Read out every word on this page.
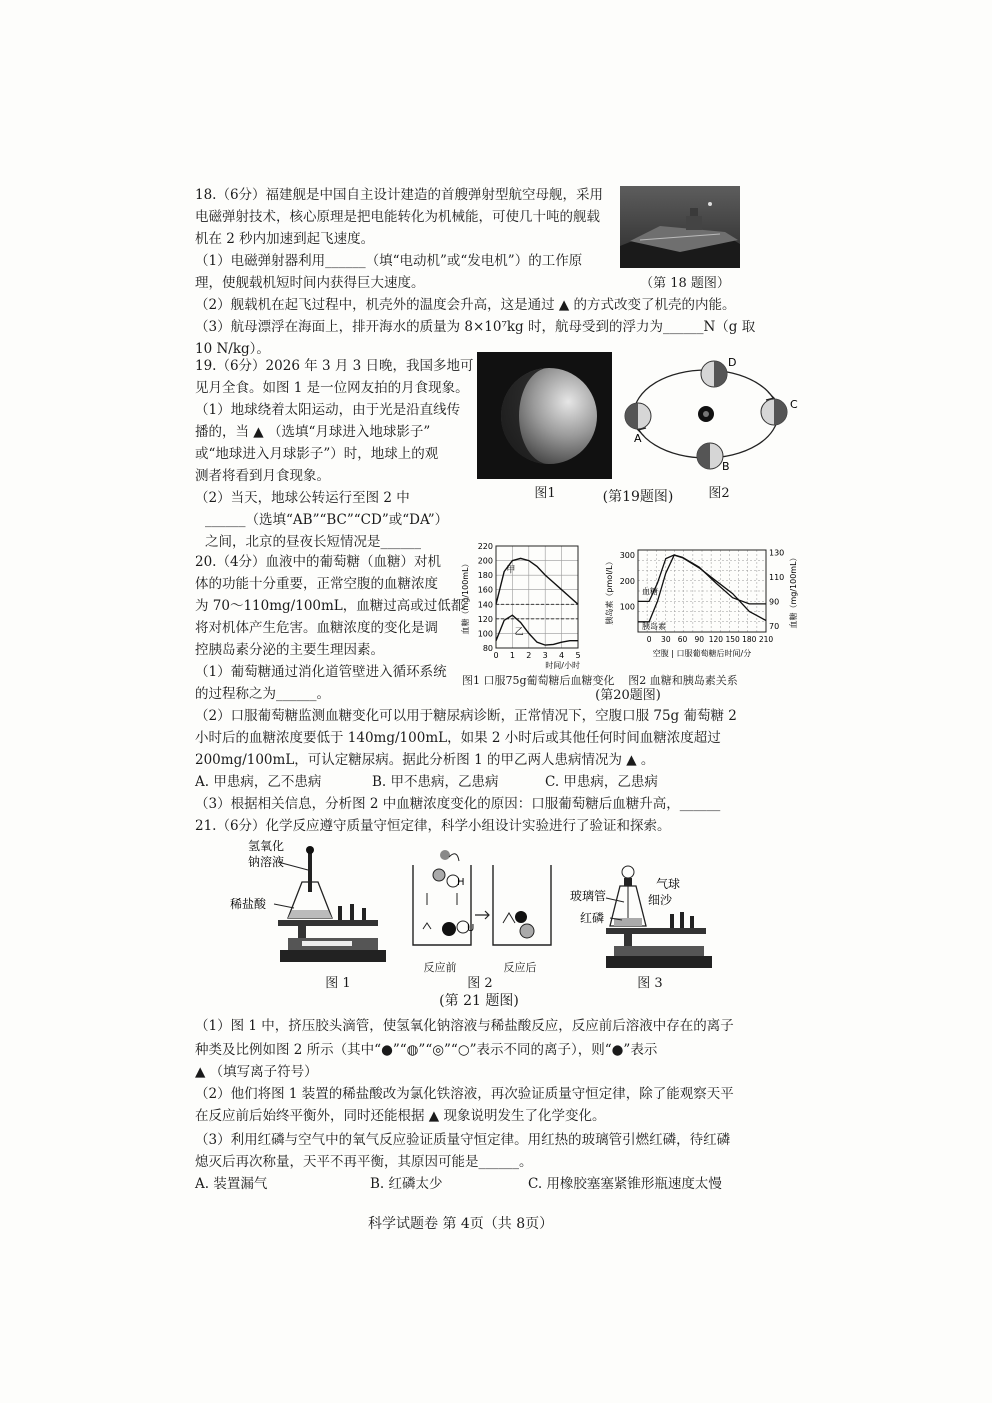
18.（6分）福建舰是中国自主设计建造的首艘弹射型航空母舰，采用
电磁弹射技术，核心原理是把电能转化为机械能，可使几十吨的舰载
机在 2 秒内加速到起飞速度。
（1）电磁弹射器利用______（填“电动机”或“发电机”）的工作原
理，使舰载机短时间内获得巨大速度。
（2）舰载机在起飞过程中，机壳外的温度会升高，这是通过 ▲ 的方式改变了机壳的内能。
（3）航母漂浮在海面上，排开海水的质量为 8×10⁷kg 时，航母受到的浮力为______N（g 取
10 N/kg）。
（第 18 题图）
19.（6分）2026 年 3 月 3 日晚，我国多地可
见月全食。如图 1 是一位网友拍的月食现象。
（1）地球绕着太阳运动，由于光是沿直线传
播的，当 ▲ （选填“月球进入地球影子”
或“地球进入月球影子”）时，地球上的观
测者将看到月食现象。
（2）当天，地球公转运行至图 2 中
______（选填“AB”“BC”“CD”或“DA”）
之间，北京的昼夜长短情况是______
图1	(第19题图)	图2
D
C
B
A
20.（4分）血液中的葡萄糖（血糖）对机
体的功能十分重要，正常空腹的血糖浓度
为 70～110mg/100mL，血糖过高或过低都
将对机体产生危害。血糖浓度的变化是调
控胰岛素分泌的主要生理因素。
（1）葡萄糖通过消化道管壁进入循环系统
的过程称之为______。
（2）口服葡萄糖监测血糖变化可以用于糖尿病诊断，正常情况下，空腹口服 75g 葡萄糖 2
小时后的血糖浓度要低于 140mg/100mL，如果 2 小时后或其他任何时间血糖浓度超过
200mg/100mL，可认定糖尿病。据此分析图 1 的甲乙两人患病情况为 ▲ 。
A. 甲患病，乙不患病	B. 甲不患病，乙患病	C. 甲患病，乙患病
（3）根据相关信息，分析图 2 中血糖浓度变化的原因：口服葡萄糖后血糖升高，______
0 1 2 3 4 5
80
100
120
140
160
180
200
220
甲
乙
时间/小时
血糖（mg/100mL）
图1 口服75g葡萄糖后血糖变化
0 30 60 90 120 150 180 210
100
200
300
70
90
110
130
血糖
胰岛素
空腹 | 口服葡萄糖后时间/分
胰岛素（pmol/L）	血糖（mg/100mL）
图2 血糖和胰岛素关系
(第20题图)
21.（6分）化学反应遵守质量守恒定律，科学小组设计实验进行了验证和探索。
氢氧化
钠溶液
稀盐酸
图 1
H
U
反应前	反应后
图 2
(第 21 题图)
玻璃管
气球
细沙
红磷
图 3
（1）图 1 中，挤压胶头滴管，使氢氧化钠溶液与稀盐酸反应，反应前后溶液中存在的离子
种类及比例如图 2 所示（其中“●”“◍”“◎”“○”表示不同的离子），则“●”表示
▲ （填写离子符号）
（2）他们将图 1 装置的稀盐酸改为氯化铁溶液，再次验证质量守恒定律，除了能观察天平
在反应前后始终平衡外，同时还能根据 ▲ 现象说明发生了化学变化。
（3）利用红磷与空气中的氧气反应验证质量守恒定律。用红热的玻璃管引燃红磷，待红磷
熄灭后再次称量，天平不再平衡，其原因可能是______。
A. 装置漏气	B. 红磷太少	C. 用橡胶塞塞紧锥形瓶速度太慢
科学试题卷 第 4页（共 8页）
